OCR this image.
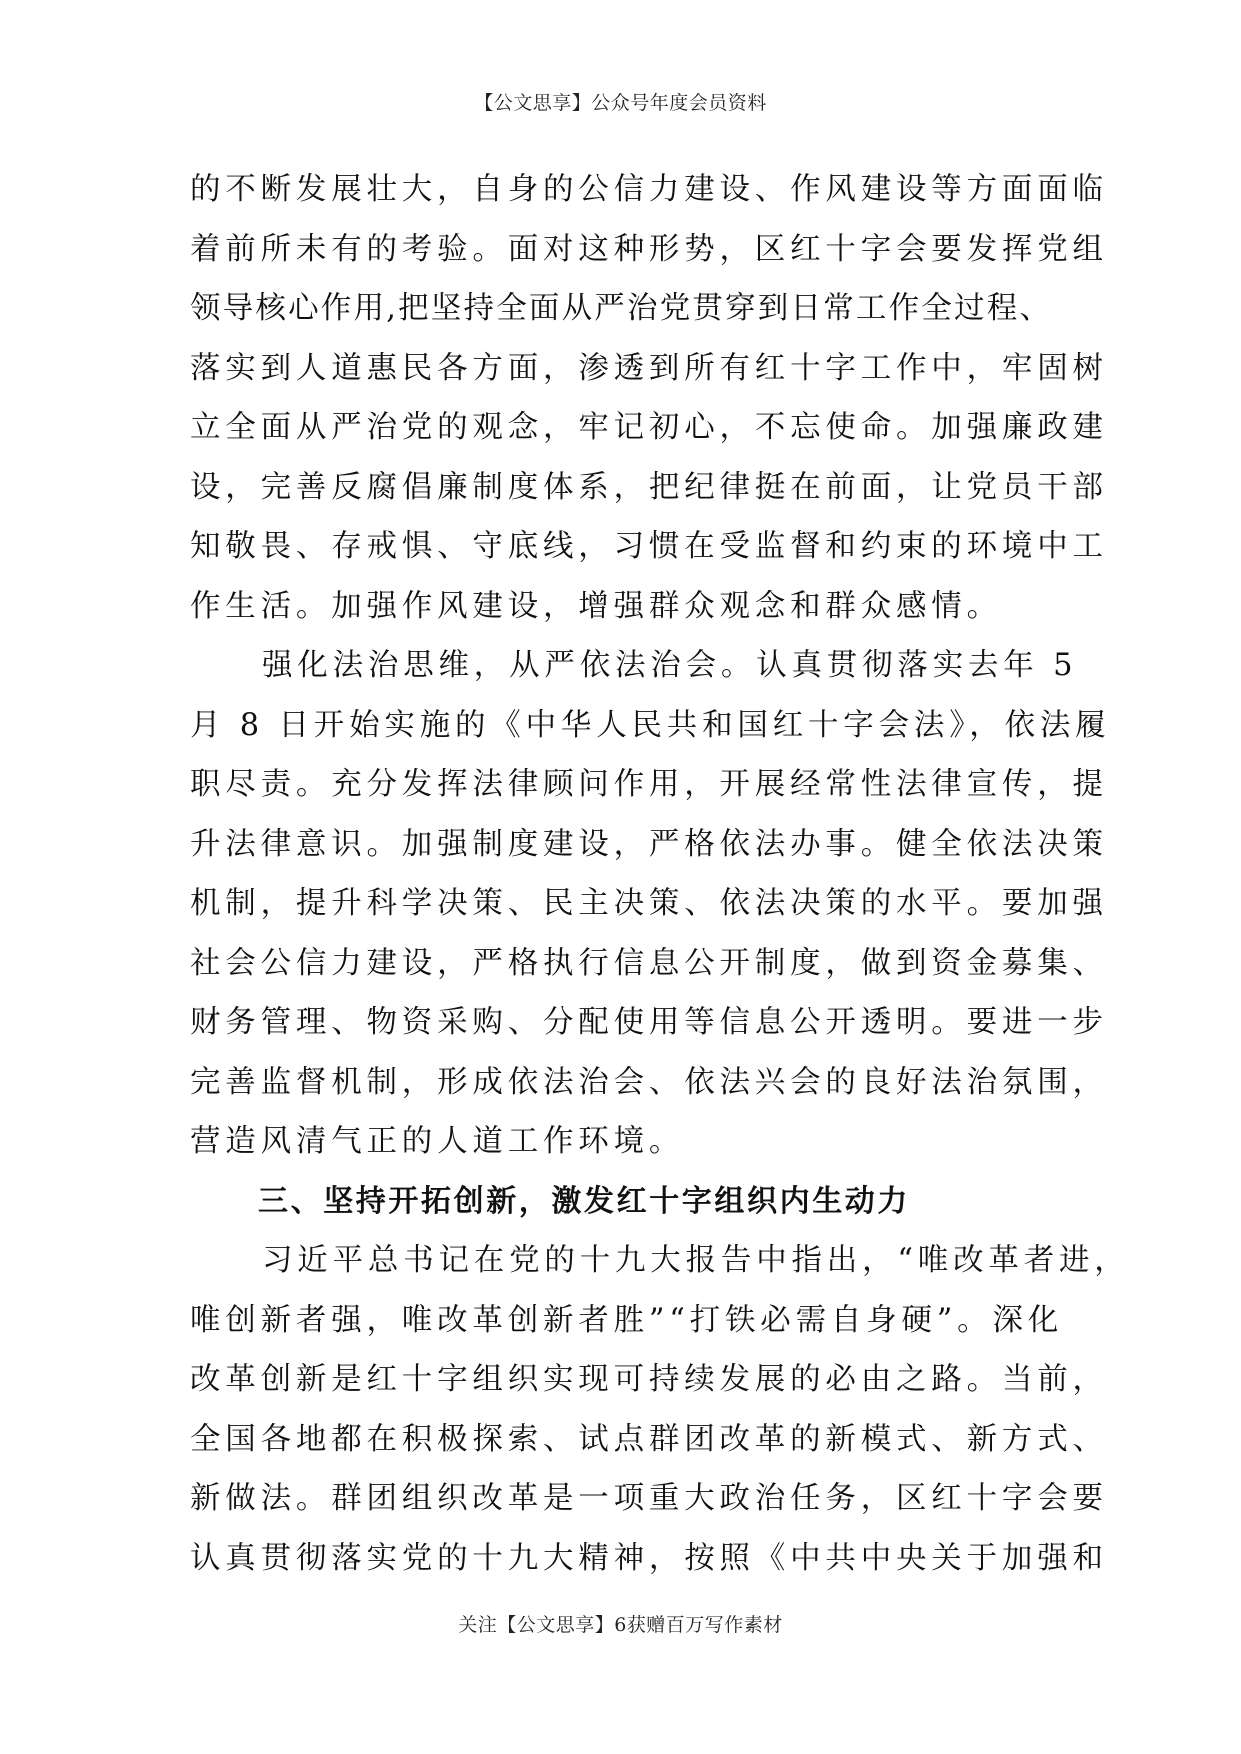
【公文思享】公众号年度会员资料
的不断发展壮大，自身的公信力建设、作风建设等方面面临
着前所未有的考验。面对这种形势，区红十字会要发挥党组
领导核心作用,把坚持全面从严治党贯穿到日常工作全过程、
落实到人道惠民各方面，渗透到所有红十字工作中，牢固树
立全面从严治党的观念，牢记初心，不忘使命。加强廉政建
设，完善反腐倡廉制度体系，把纪律挺在前面，让党员干部
知敬畏、存戒惧、守底线，习惯在受监督和约束的环境中工
作生活。加强作风建设，增强群众观念和群众感情。
强化法治思维，从严依法治会。认真贯彻落实去年 5
月 8 日开始实施的《中华人民共和国红十字会法》，依法履
职尽责。充分发挥法律顾问作用，开展经常性法律宣传，提
升法律意识。加强制度建设，严格依法办事。健全依法决策
机制，提升科学决策、民主决策、依法决策的水平。要加强
社会公信力建设，严格执行信息公开制度，做到资金募集、
财务管理、物资采购、分配使用等信息公开透明。要进一步
完善监督机制，形成依法治会、依法兴会的良好法治氛围，
营造风清气正的人道工作环境。
三、坚持开拓创新，激发红十字组织内生动力
习近平总书记在党的十九大报告中指出，“唯改革者进，
唯创新者强，唯改革创新者胜”“打铁必需自身硬”。深化
改革创新是红十字组织实现可持续发展的必由之路。当前，
全国各地都在积极探索、试点群团改革的新模式、新方式、
新做法。群团组织改革是一项重大政治任务，区红十字会要
认真贯彻落实党的十九大精神，按照《中共中央关于加强和
关注【公文思享】6获赠百万写作素材
